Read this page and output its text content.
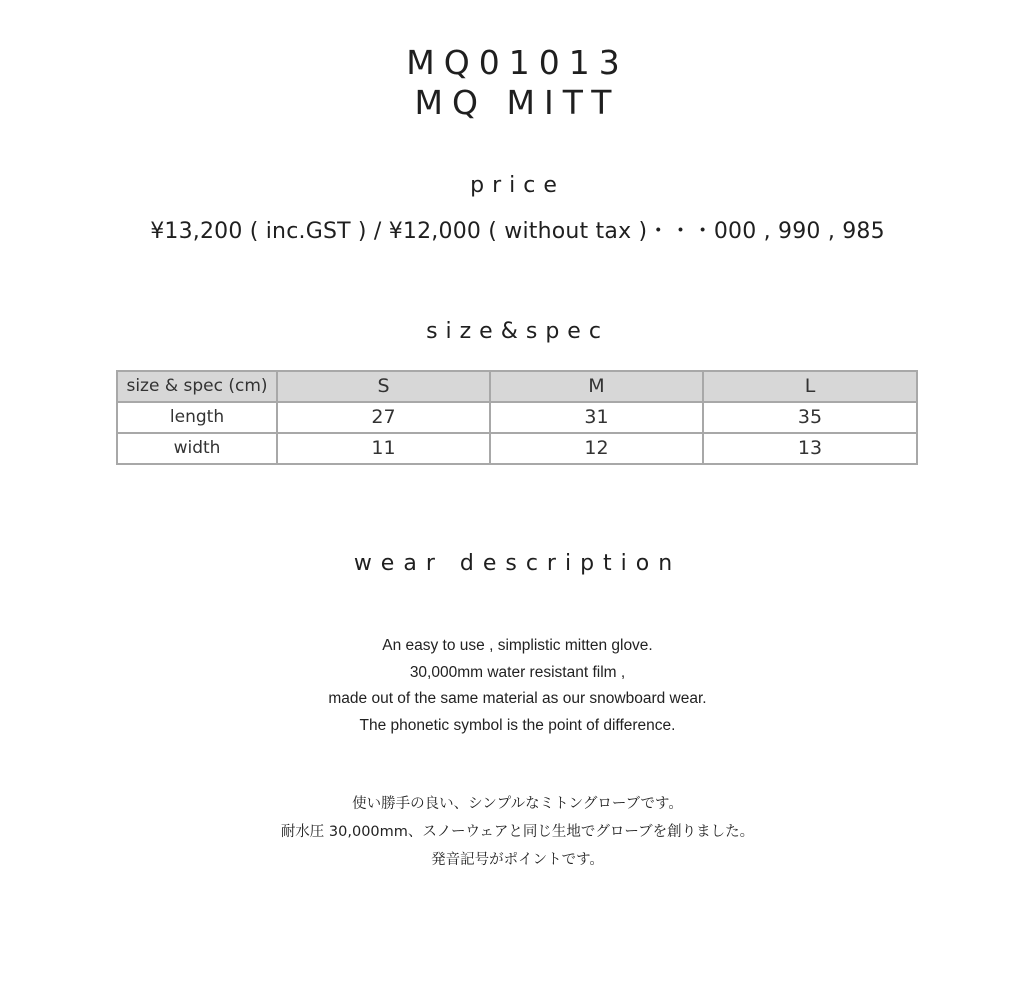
MQ01013
MQ MITT
price
¥13,200 ( inc.GST ) / ¥12,000 ( without tax )・・・000 , 990 , 985
size&spec
size & spec (cm)	S	M	L
length	27	31	35
width	11	12	13
wear description
An easy to use , simplistic mitten glove.
30,000mm water resistant film ,
made out of the same material as our snowboard wear.
The phonetic symbol is the point of difference.
使い勝手の良い、シンプルなミトングローブです。
耐水圧 30,000mm、スノーウェアと同じ生地でグローブを創りました。
発音記号がポイントです。
